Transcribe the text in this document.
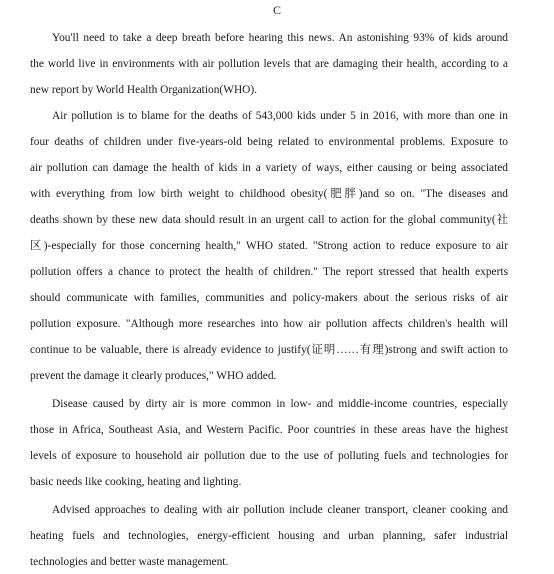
C
You'll need to take a deep breath before hearing this news. An astonishing 93% of kids around
the world live in environments with air pollution levels that are damaging their health, according to a
new report by World Health Organization(WHO).
Air pollution is to blame for the deaths of 543,000 kids under 5 in 2016, with more than one in
four deaths of children under five-years-old being related to environmental problems. Exposure to
air pollution can damage the health of kids in a variety of ways, either causing or being associated
with everything from low birth weight to childhood obesity(肥胖)and so on. "The diseases and
deaths shown by these new data should result in an urgent call to action for the global community(社
区)-especially for those concerning health," WHO stated. "Strong action to reduce exposure to air
pollution offers a chance to protect the health of children." The report stressed that health experts
should communicate with families, communities and policy-makers about the serious risks of air
pollution exposure. "Although more researches into how air pollution affects children's health will
continue to be valuable, there is already evidence to justify(证明……有理)strong and swift action to
prevent the damage it clearly produces," WHO added.
Disease caused by dirty air is more common in low- and middle-income countries, especially
those in Africa, Southeast Asia, and Western Pacific. Poor countries in these areas have the highest
levels of exposure to household air pollution due to the use of polluting fuels and technologies for
basic needs like cooking, heating and lighting.
Advised approaches to dealing with air pollution include cleaner transport, cleaner cooking and
heating fuels and technologies, energy-efficient housing and urban planning, safer industrial
technologies and better waste management.
